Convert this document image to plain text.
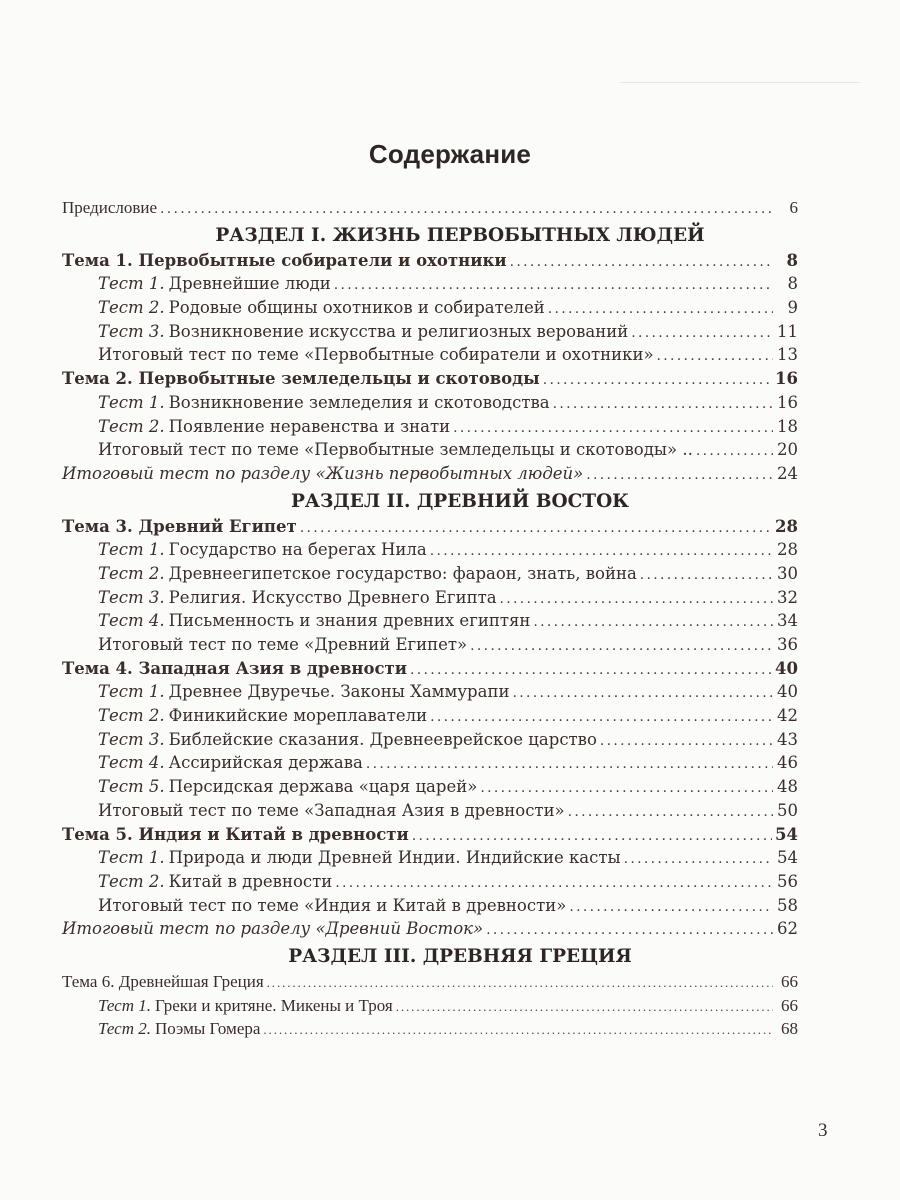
Содержание
Предисловие .....	6
РАЗДЕЛ I. ЖИЗНЬ ПЕРВОБЫТНЫХ ЛЮДЕЙ
Тема 1. Первобытные собиратели и охотники .....	8
Тест 1. Древнейшие люди .....	8
Тест 2. Родовые общины охотников и собирателей .....	9
Тест 3. Возникновение искусства и религиозных верований .....	11
Итоговый тест по теме «Первобытные собиратели и охотники» .....	13
Тема 2. Первобытные земледельцы и скотоводы .....	16
Тест 1. Возникновение земледелия и скотоводства .....	16
Тест 2. Появление неравенства и знати .....	18
Итоговый тест по теме «Первобытные земледельцы и скотоводы» .. .....	20
Итоговый тест по разделу «Жизнь первобытных людей» .....	24
РАЗДЕЛ II. ДРЕВНИЙ ВОСТОК
Тема 3. Древний Египет .....	28
Тест 1. Государство на берегах Нила .....	28
Тест 2. Древнеегипетское государство: фараон, знать, война .....	30
Тест 3. Религия. Искусство Древнего Египта .....	32
Тест 4. Письменность и знания древних египтян .....	34
Итоговый тест по теме «Древний Египет» .....	36
Тема 4. Западная Азия в древности .....	40
Тест 1. Древнее Двуречье. Законы Хаммурапи .....	40
Тест 2. Финикийские мореплаватели .....	42
Тест 3. Библейские сказания. Древнееврейское царство .....	43
Тест 4. Ассирийская держава .....	46
Тест 5. Персидская держава «царя царей» .....	48
Итоговый тест по теме «Западная Азия в древности» .....	50
Тема 5. Индия и Китай в древности .....	54
Тест 1. Природа и люди Древней Индии. Индийские касты .....	54
Тест 2. Китай в древности .....	56
Итоговый тест по теме «Индия и Китай в древности» .....	58
Итоговый тест по разделу «Древний Восток» .....	62
РАЗДЕЛ III. ДРЕВНЯЯ ГРЕЦИЯ
Тема 6. Древнейшая Греция .....	66
Тест 1. Греки и критяне. Микены и Троя .....	66
Тест 2. Поэмы Гомера .....	68
3
